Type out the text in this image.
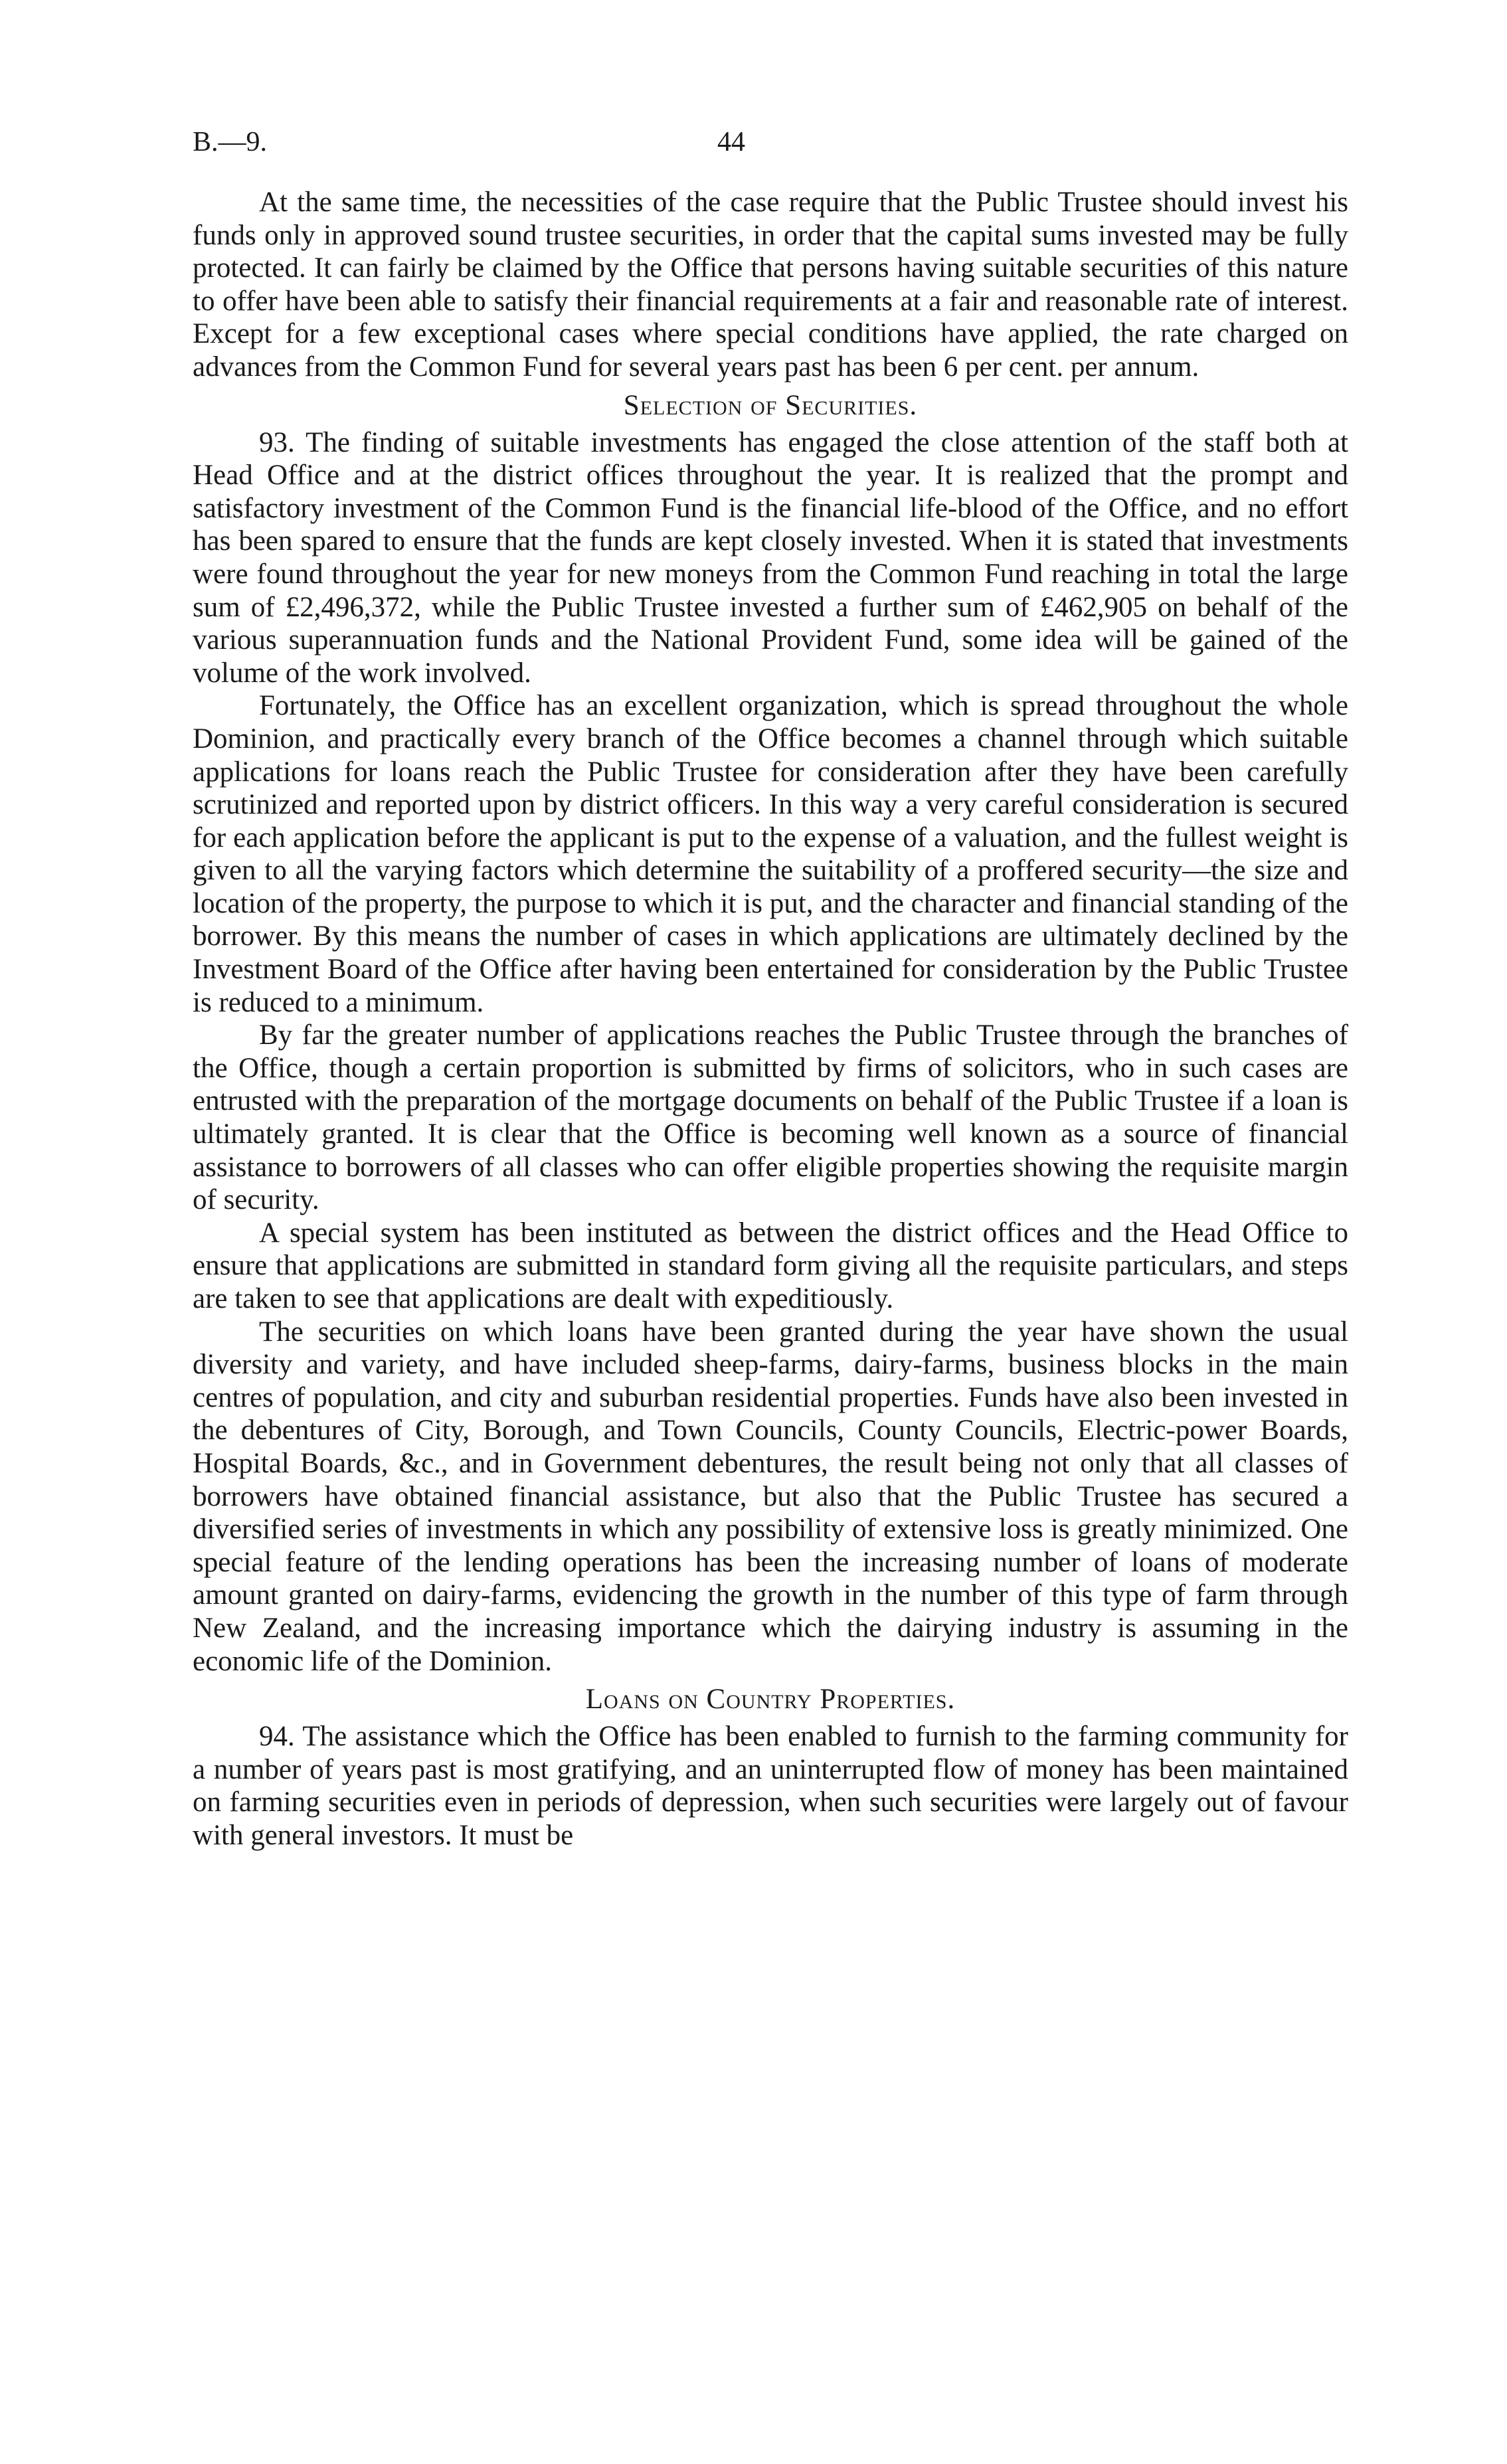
B.—9.	44

At the same time, the necessities of the case require that the Public Trustee should invest his funds only in approved sound trustee securities, in order that the capital sums invested may be fully protected. It can fairly be claimed by the Office that persons having suitable securities of this nature to offer have been able to satisfy their financial requirements at a fair and reasonable rate of interest. Except for a few exceptional cases where special conditions have applied, the rate charged on advances from the Common Fund for several years past has been 6 per cent. per annum.

Selection of Securities.

93. The finding of suitable investments has engaged the close attention of the staff both at Head Office and at the district offices throughout the year. It is realized that the prompt and satisfactory investment of the Common Fund is the financial life-blood of the Office, and no effort has been spared to ensure that the funds are kept closely invested. When it is stated that investments were found throughout the year for new moneys from the Common Fund reaching in total the large sum of £2,496,372, while the Public Trustee invested a further sum of £462,905 on behalf of the various superannuation funds and the National Provident Fund, some idea will be gained of the volume of the work involved.

Fortunately, the Office has an excellent organization, which is spread throughout the whole Dominion, and practically every branch of the Office becomes a channel through which suitable applications for loans reach the Public Trustee for consideration after they have been carefully scrutinized and reported upon by district officers. In this way a very careful consideration is secured for each application before the applicant is put to the expense of a valuation, and the fullest weight is given to all the varying factors which determine the suitability of a proffered security—the size and location of the property, the purpose to which it is put, and the character and financial standing of the borrower. By this means the number of cases in which applications are ultimately declined by the Investment Board of the Office after having been entertained for consideration by the Public Trustee is reduced to a minimum.

By far the greater number of applications reaches the Public Trustee through the branches of the Office, though a certain proportion is submitted by firms of solicitors, who in such cases are entrusted with the preparation of the mortgage documents on behalf of the Public Trustee if a loan is ultimately granted. It is clear that the Office is becoming well known as a source of financial assistance to borrowers of all classes who can offer eligible properties showing the requisite margin of security.

A special system has been instituted as between the district offices and the Head Office to ensure that applications are submitted in standard form giving all the requisite particulars, and steps are taken to see that applications are dealt with expeditiously.

The securities on which loans have been granted during the year have shown the usual diversity and variety, and have included sheep-farms, dairy-farms, business blocks in the main centres of population, and city and suburban residential properties. Funds have also been invested in the debentures of City, Borough, and Town Councils, County Councils, Electric-power Boards, Hospital Boards, &c., and in Government debentures, the result being not only that all classes of borrowers have obtained financial assistance, but also that the Public Trustee has secured a diversified series of investments in which any possibility of extensive loss is greatly minimized. One special feature of the lending operations has been the increasing number of loans of moderate amount granted on dairy-farms, evidencing the growth in the number of this type of farm through New Zealand, and the increasing importance which the dairying industry is assuming in the economic life of the Dominion.

Loans on Country Properties.

94. The assistance which the Office has been enabled to furnish to the farming community for a number of years past is most gratifying, and an uninterrupted flow of money has been maintained on farming securities even in periods of depression, when such securities were largely out of favour with general investors. It must be
